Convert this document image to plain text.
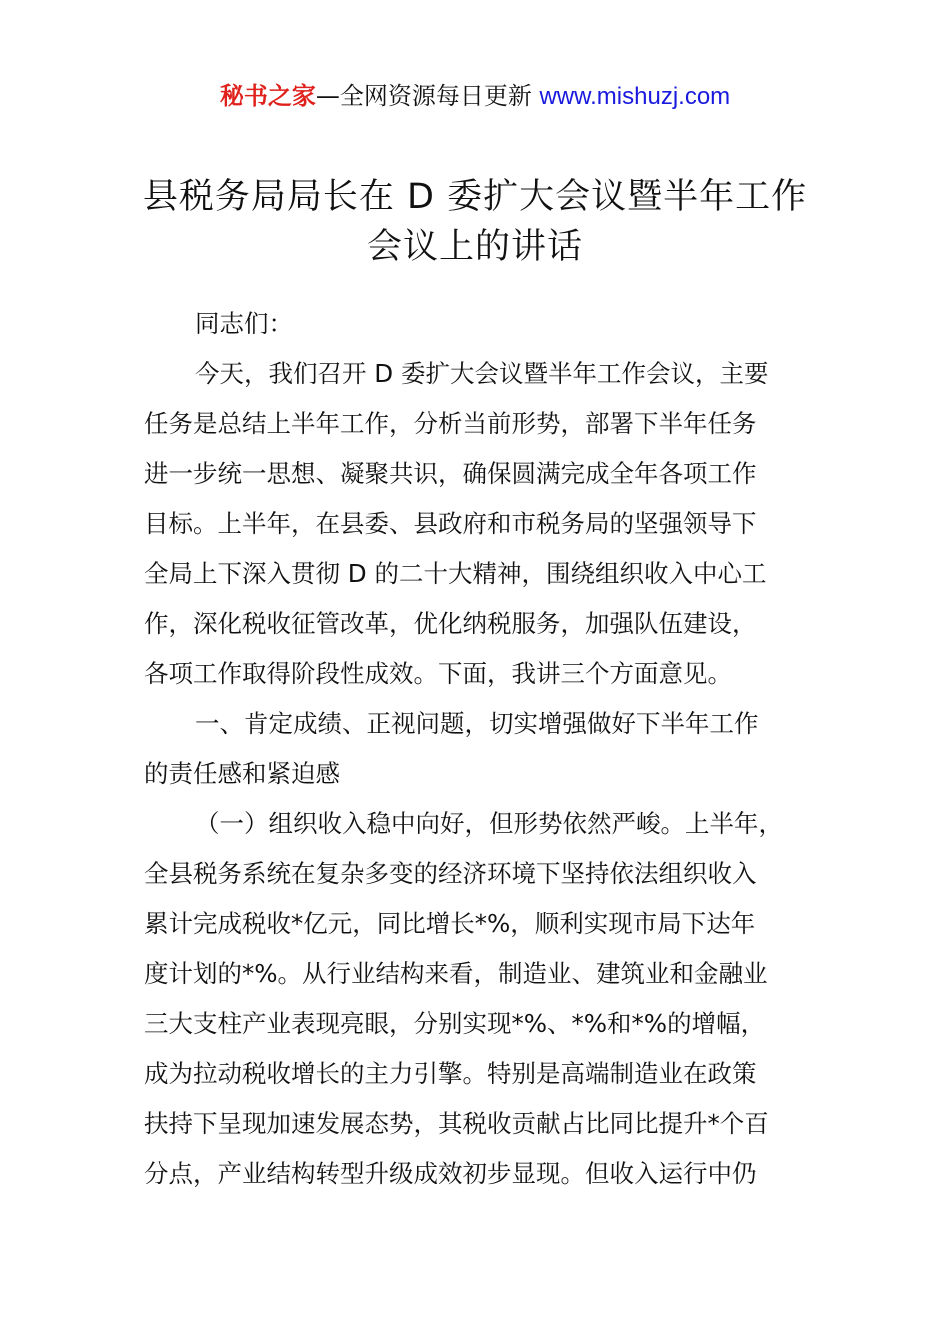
秘书之家—全网资源每日更新 www.mishuzj.com
县税务局局长在 D 委扩大会议暨半年工作
会议上的讲话
同志们：
今天，我们召开 D 委扩大会议暨半年工作会议，主要
任务是总结上半年工作，分析当前形势，部署下半年任务
进一步统一思想、凝聚共识，确保圆满完成全年各项工作
目标。上半年，在县委、县政府和市税务局的坚强领导下
全局上下深入贯彻 D 的二十大精神，围绕组织收入中心工
作，深化税收征管改革，优化纳税服务，加强队伍建设，
各项工作取得阶段性成效。下面，我讲三个方面意见。
一、肯定成绩、正视问题，切实增强做好下半年工作
的责任感和紧迫感
（一）组织收入稳中向好，但形势依然严峻。上半年，
全县税务系统在复杂多变的经济环境下坚持依法组织收入
累计完成税收*亿元，同比增长*%，顺利实现市局下达年
度计划的*%。从行业结构来看，制造业、建筑业和金融业
三大支柱产业表现亮眼，分别实现*%、*%和*%的增幅，
成为拉动税收增长的主力引擎。特别是高端制造业在政策
扶持下呈现加速发展态势，其税收贡献占比同比提升*个百
分点，产业结构转型升级成效初步显现。但收入运行中仍
